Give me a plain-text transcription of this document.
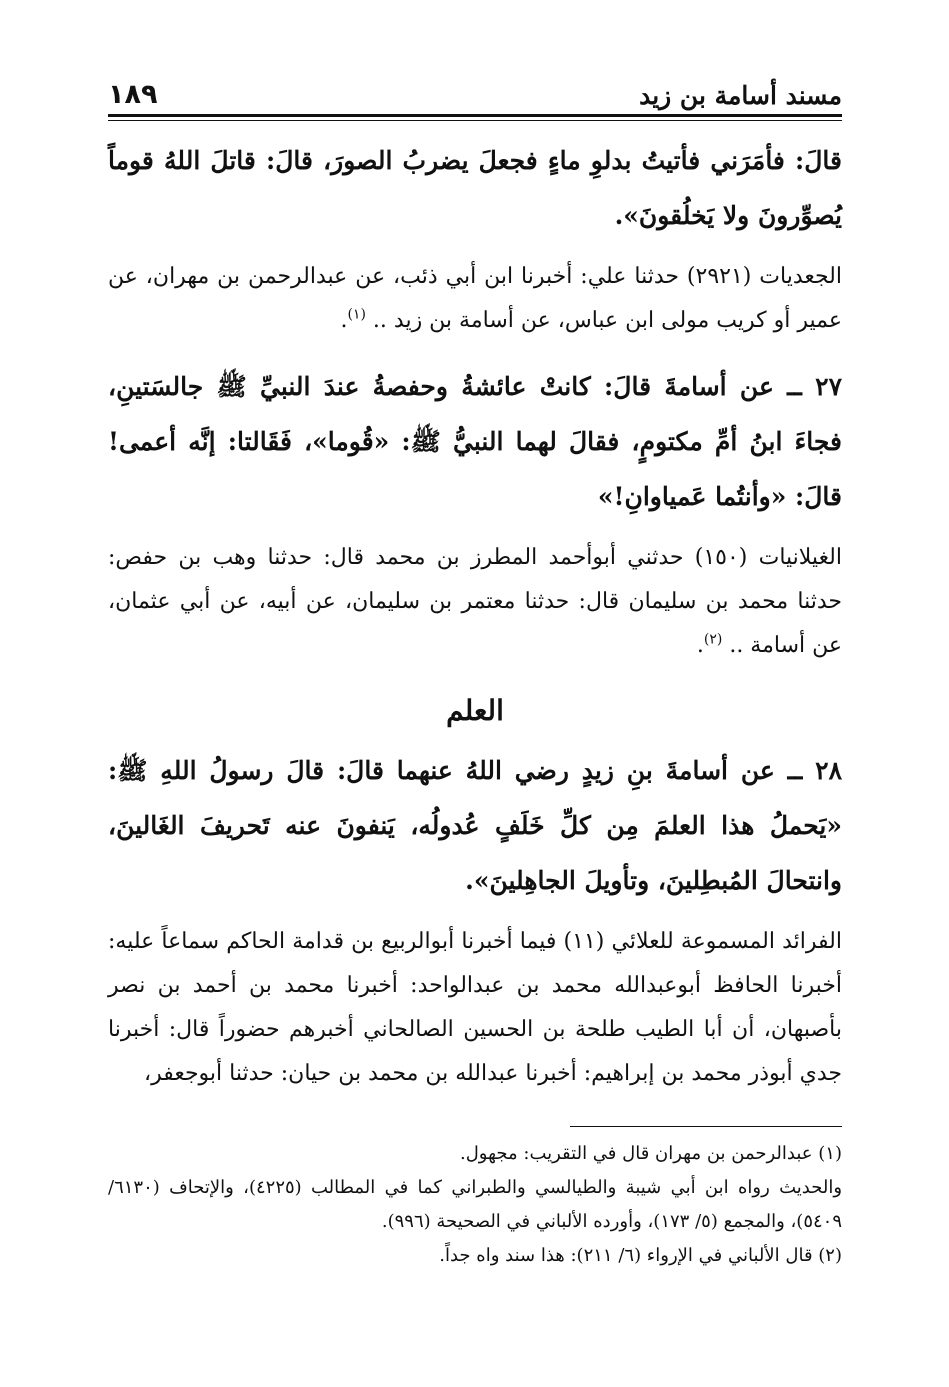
مسند أسامة بن زيد
١٨٩

قالَ: فأمَرَني فأتيتُ بدلوِ ماءٍ فجعلَ يضربُ الصورَ، قالَ: قاتلَ اللهُ قوماً يُصوِّرونَ ولا يَخلُقونَ».

الجعديات (٢٩٢١) حدثنا علي: أخبرنا ابن أبي ذئب، عن عبدالرحمن بن مهران، عن عمير أو كريب مولى ابن عباس، عن أسامة بن زيد .. $^{(١)}$.

٢٧ ــ عن أسامةَ قالَ: كانتْ عائشةُ وحفصةُ عندَ النبيِّ ﷺ جالسَتينِ، فجاءَ ابنُ أمِّ مكتومٍ، فقالَ لهما النبيُّ ﷺ: «قُوما»، فَقَالتا: إنَّه أعمى! قالَ: «وأنتُما عَمياوانِ!»

الغيلانيات (١٥٠) حدثني أبوأحمد المطرز بن محمد قال: حدثنا وهب بن حفص: حدثنا محمد بن سليمان قال: حدثنا معتمر بن سليمان، عن أبيه، عن أبي عثمان، عن أسامة .. $^{(٢)}$.

العلم

٢٨ ــ عن أسامةَ بنِ زيدٍ رضي اللهُ عنهما قالَ: قالَ رسولُ اللهِ ﷺ: «يَحملُ هذا العلمَ مِن كلِّ خَلَفٍ عُدولُه، يَنفونَ عنه تَحريفَ الغَالينَ، وانتحالَ المُبطِلينَ، وتأويلَ الجاهِلينَ».

الفرائد المسموعة للعلائي (١١) فيما أخبرنا أبوالربيع بن قدامة الحاكم سماعاً عليه: أخبرنا الحافظ أبوعبدالله محمد بن عبدالواحد: أخبرنا محمد بن أحمد بن نصر بأصبهان، أن أبا الطيب طلحة بن الحسين الصالحاني أخبرهم حضوراً قال: أخبرنا جدي أبوذر محمد بن إبراهيم: أخبرنا عبدالله بن محمد بن حيان: حدثنا أبوجعفر،

(١) عبدالرحمن بن مهران قال في التقريب: مجهول.

والحديث رواه ابن أبي شيبة والطيالسي والطبراني كما في المطالب (٤٢٢٥)، والإتحاف (٦١٣٠/ ٥٤٠٩)، والمجمع (٥/ ١٧٣)، وأورده الألباني في الصحيحة (٩٩٦).

(٢) قال الألباني في الإرواء (٦/ ٢١١): هذا سند واه جداً.
